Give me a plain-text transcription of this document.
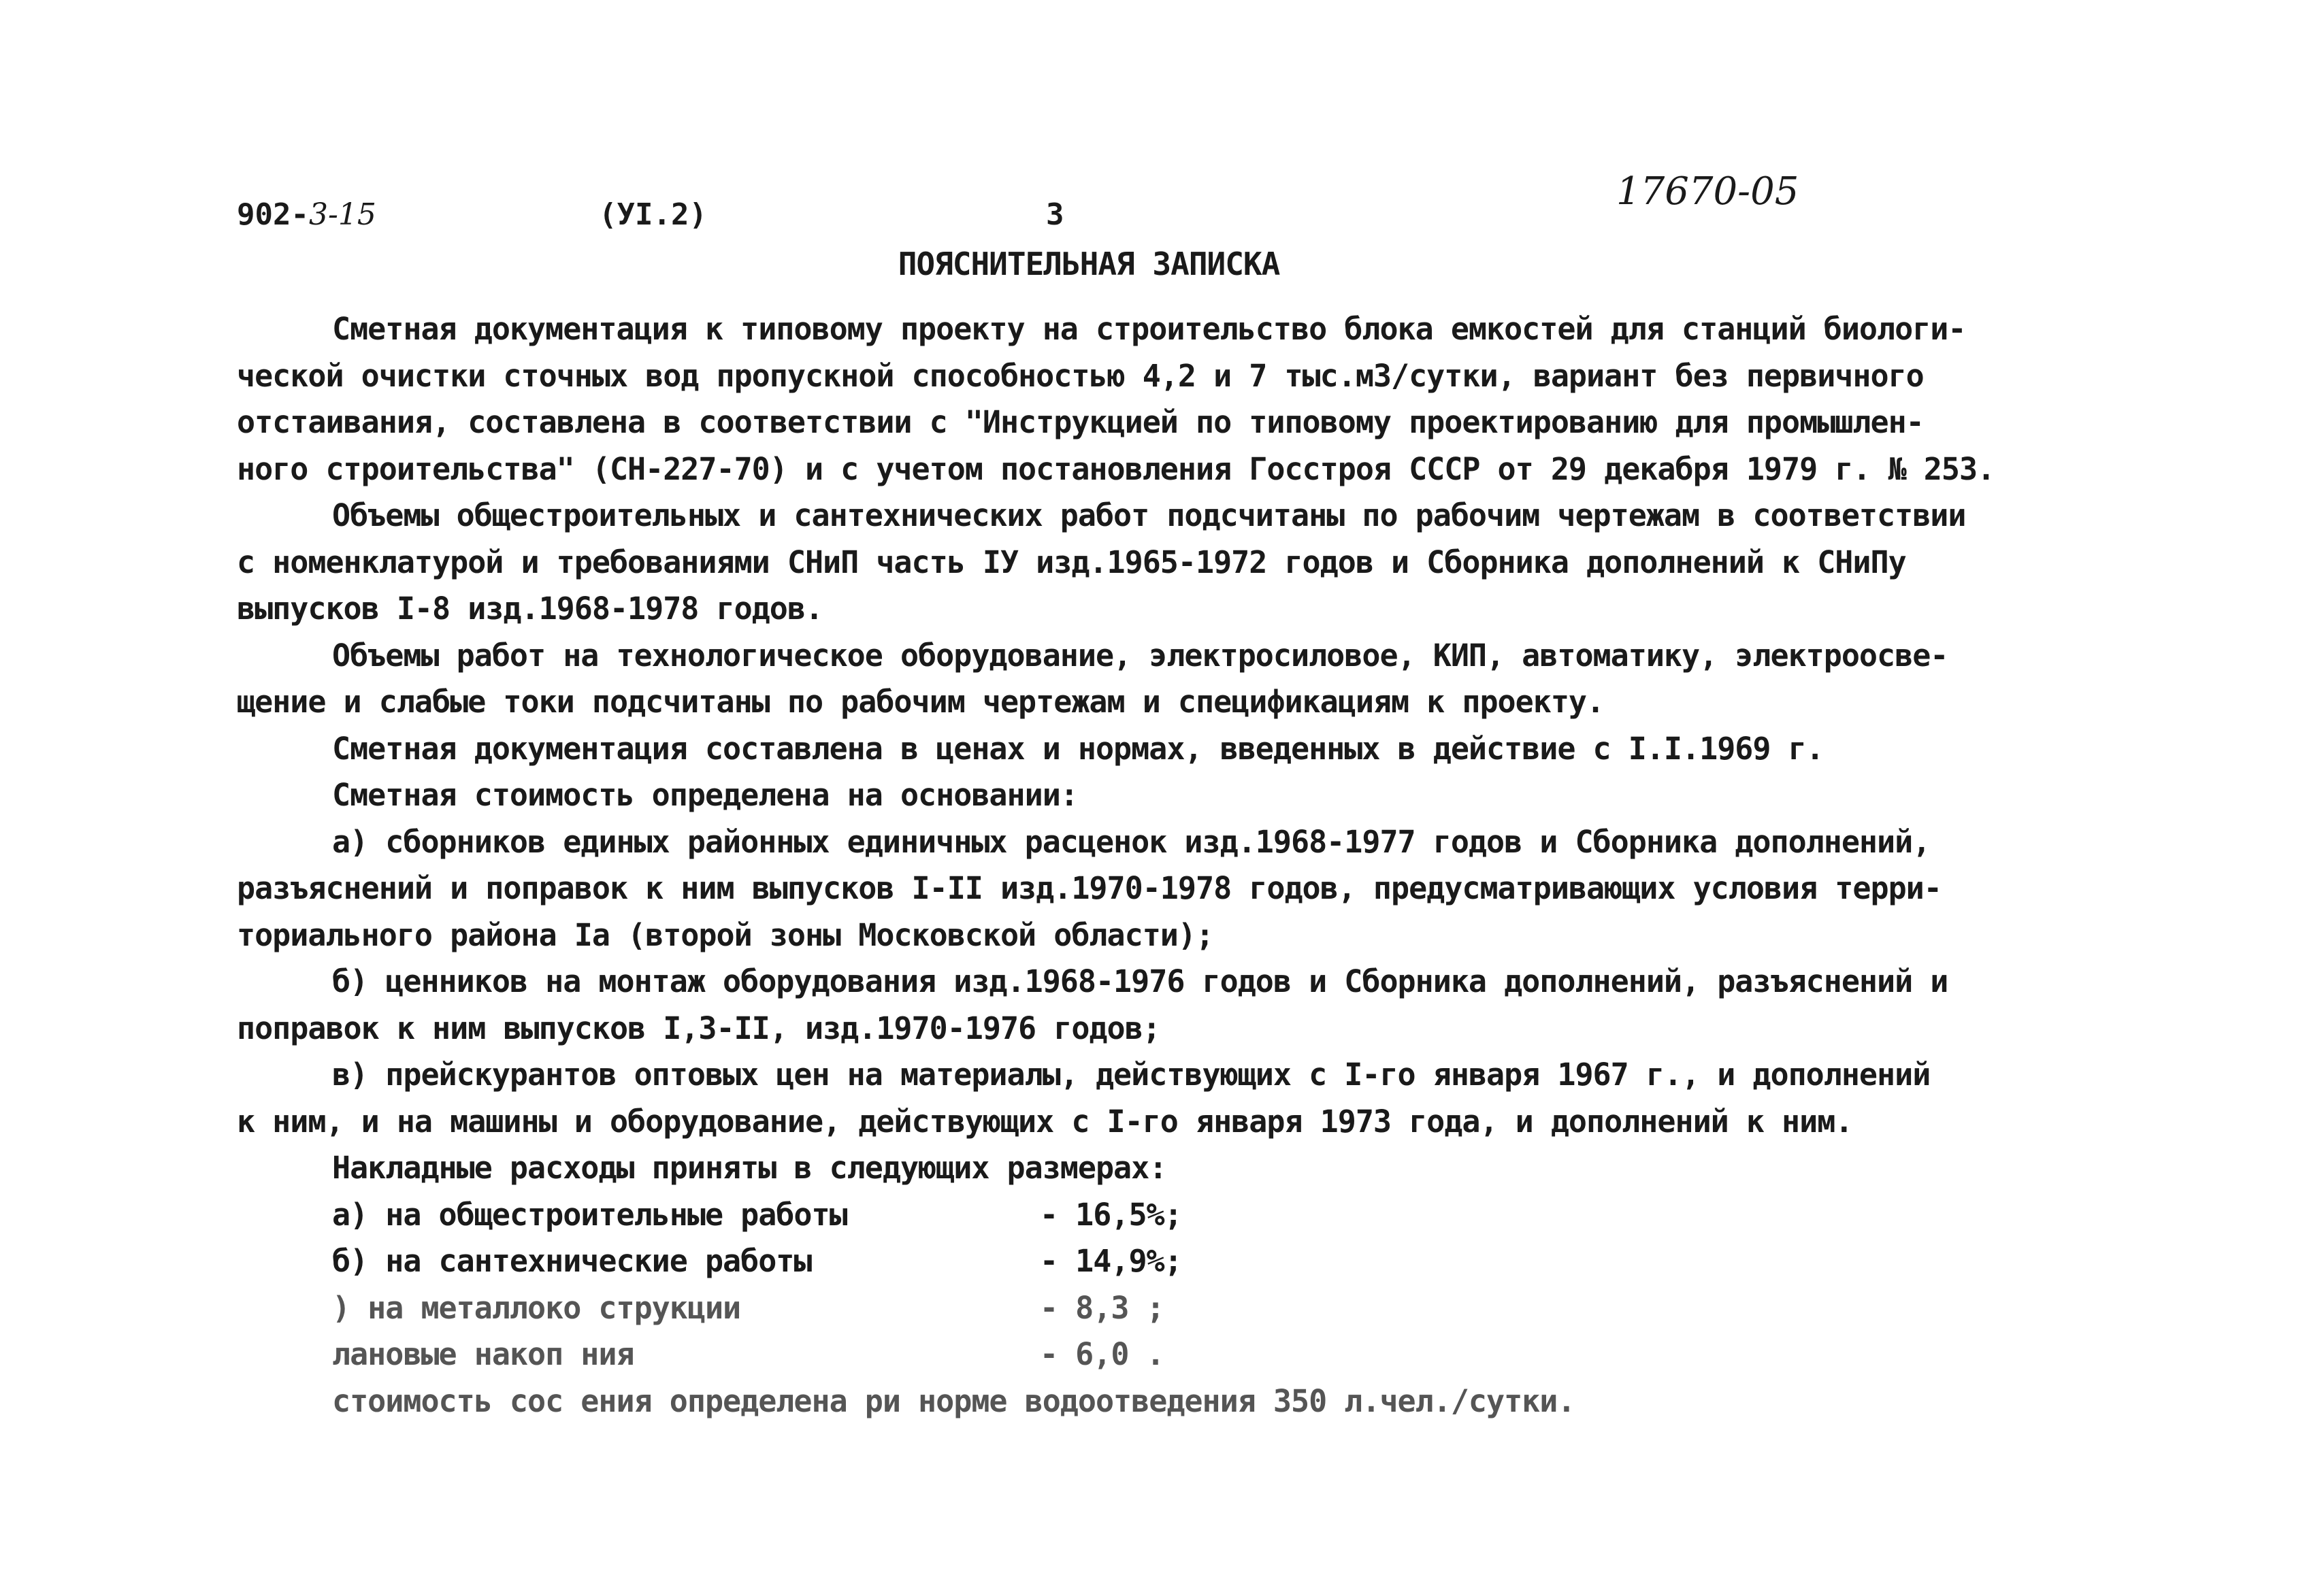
902-3-15	(УI.2)	3
17670-05
ПОЯСНИТЕЛЬНАЯ ЗАПИСКА
Сметная документация к типовому проекту на строительство блока емкостей для станций биологи-
ческой очистки сточных вод пропускной способностью 4,2 и 7 тыс.м3/сутки, вариант без первичного
отстаивания, составлена в соответствии с "Инструкцией по типовому проектированию для промышлен-
ного строительства" (СН-227-70) и с учетом постановления Госстроя СССР от 29 декабря 1979 г. № 253.
Объемы общестроительных и сантехнических работ подсчитаны по рабочим чертежам в соответствии
с номенклатурой и требованиями СНиП часть IУ изд.1965-1972 годов и Сборника дополнений к СНиПу
выпусков I-8 изд.1968-1978 годов.
Объемы работ на технологическое оборудование, электросиловое, КИП, автоматику, электроосве-
щение и слабые токи подсчитаны по рабочим чертежам и спецификациям к проекту.
Сметная документация составлена в ценах и нормах, введенных в действие с I.I.1969 г.
Сметная стоимость определена на основании:
а) сборников единых районных единичных расценок изд.1968-1977 годов и Сборника дополнений,
разъяснений и поправок к ним выпусков I-II изд.1970-1978 годов, предусматривающих условия терри-
ториального района Iа (второй зоны Московской области);
б) ценников на монтаж оборудования изд.1968-1976 годов и Сборника дополнений, разъяснений и
поправок к ним выпусков I,3-II, изд.1970-1976 годов;
в) прейскурантов оптовых цен на материалы, действующих с I-го января 1967 г., и дополнений
к ним, и на машины и оборудование, действующих с I-го января 1973 года, и дополнений к ним.
Накладные расходы приняты в следующих размерах:
а) на общестроительные работы	- 16,5%;
б) на сантехнические работы	- 14,9%;
) на металлоко струкции	- 8,3 ;
лановые накоп ния	- 6,0 .
стоимость сос ения определена ри норме водоотведения 350 л.чел./сутки.
